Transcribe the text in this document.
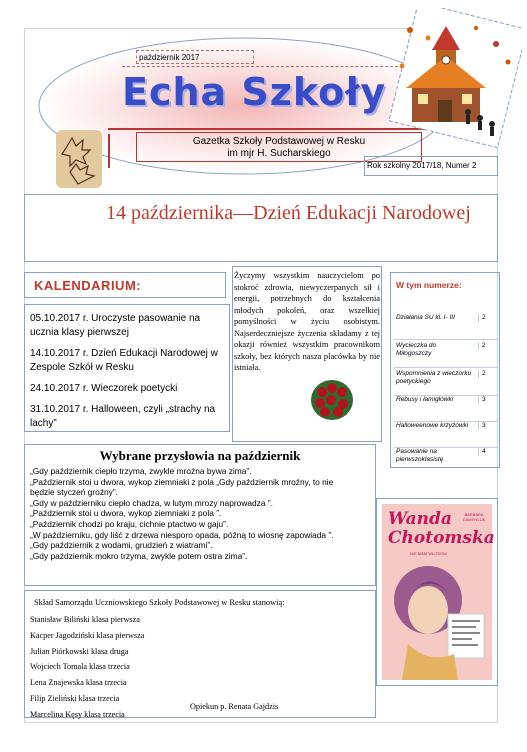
październik 2017
Echa Szkoły
Gazetka Szkoły Podstawowej w Resku
im mjr H. Sucharskiego
Rok szkolny 2017/18, Numer 2
14 października—Dzień Edukacji Narodowej
KALENDARIUM:

05.10.2017 r. Uroczyste pasowanie na ucznia klasy pierwszej

14.10.2017 r. Dzień Edukacji Narodowej w Zespole Szkół w Resku

24.10.2017 r. Wieczorek poetycki

31.10.2017 r. Halloween, czyli „strachy na lachy”

Życzymy wszystkim nauczycielom po stokroć zdrowia, niewyczerpanych sił i energii, potrzebnych do kształcenia młodych pokoleń, oraz wszelkiej pomyślności w życiu osobistym. Najserdeczniejsze życzenia składamy z tej okazji również wszystkim pracownikom szkoły, bez których nasza placówka by nie istniała.
W tym numerze:
Działania SU kl. I- III	2
Wycieczka do Miłogoszczy
2
Wspomnienia z wieczorku poetyckiego
2
Rebusy i łamigłówki	3
Halloweenowe krzyżówki	3
Pasowanie na pierwszoklasistę
4
Wybrane przysłowia na październik
„Gdy październik ciepło trzyma, zwykle mroźna bywa zima”.
„Październik stoi u dwora, wykop ziemniaki z pola „Gdy październik mroźny, to nie
będzie styczeń groźny”.
„Gdy w październiku ciepło chadza, w lutym mrozy naprowadza ”.
„Październik stoi u dwora, wykop ziemniaki z pola ”.
„Październik chodzi po kraju, cichnie ptactwo w gaju”.
„W październiku, gdy liść z drzewa niesporo opada, późną to wiosnę zapowiada ”.
„Gdy październik z wodami, grudzień z wiatrami”.
„Gdy październik mokro trzyma, zwykle potem ostra zima”.
Wanda Chotomska
BARBARA GAWRYLUK
NIE MAM WŁOSÓW
Skład Samorządu Uczniowskiego Szkoły Podstawowej w Resku stanowią:
Stanisław Biliński klasa pierwsza
Kacper Jagodziński klasa pierwsza
Julian Piórkowski klasa druga
Wojciech Tomala klasa trzecia
Lena Znajewska klasa trzecia
Filip Zieliński klasa trzecia
Marcelina Kęsy klasa trzecia
Opiekun p. Renata Gajdzis
